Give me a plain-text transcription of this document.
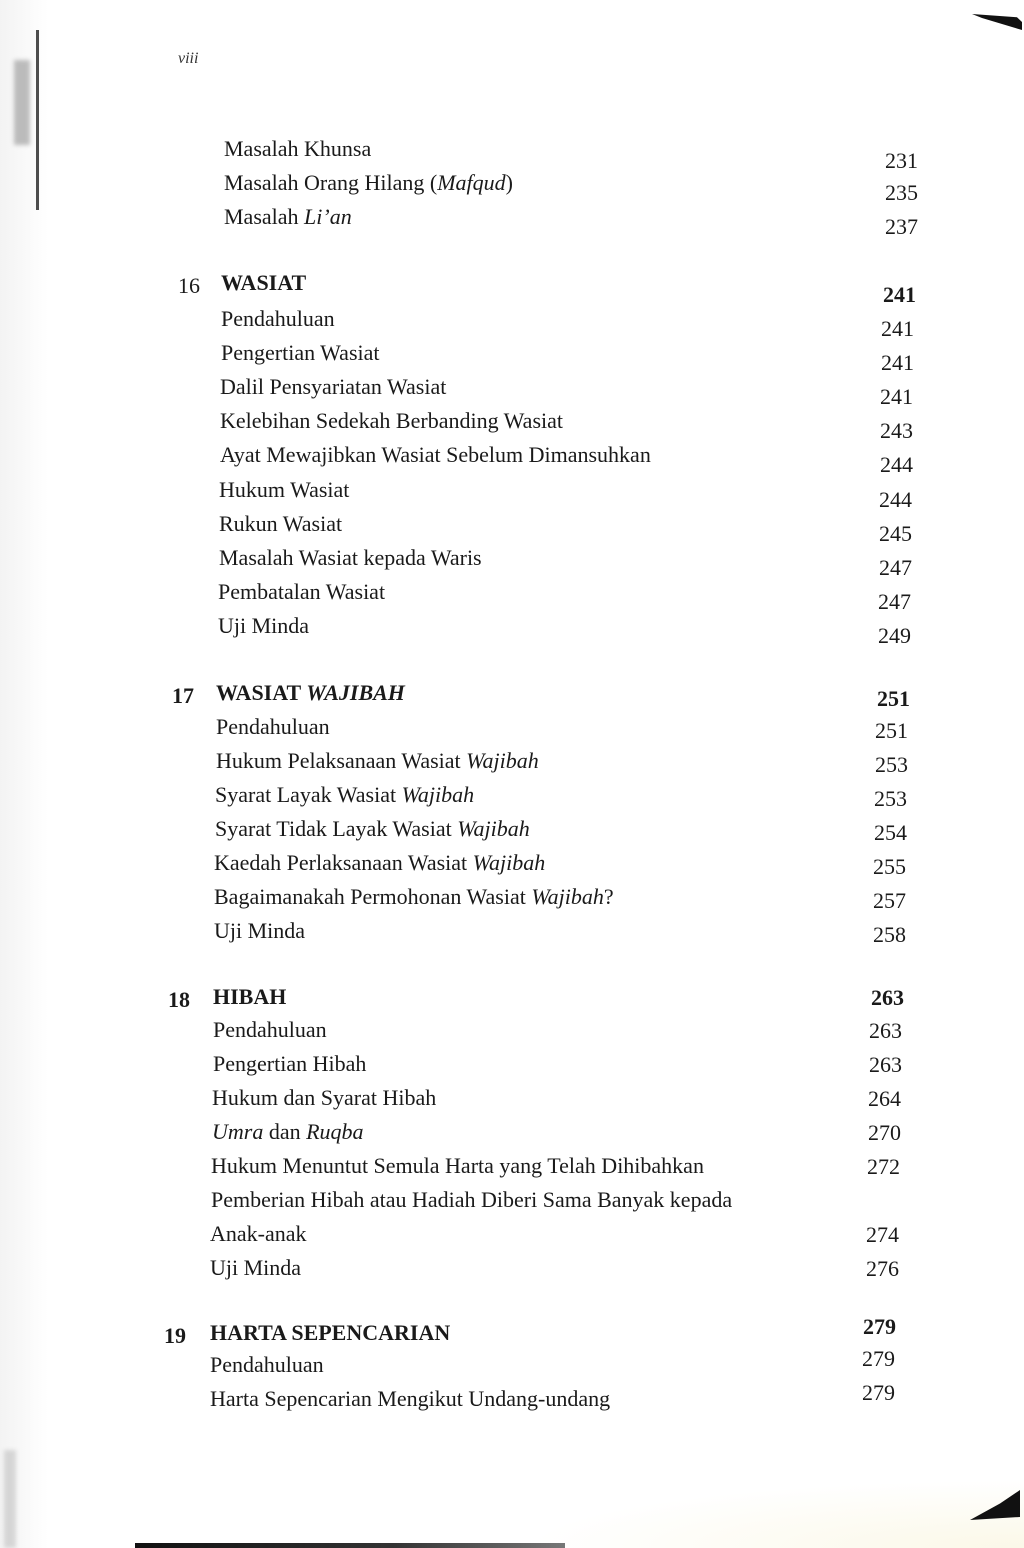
viii
Masalah Khunsa	231
Masalah Orang Hilang (Mafqud)	235
Masalah Li’an	237
16 WASIAT	241
Pendahuluan	241
Pengertian Wasiat	241
Dalil Pensyariatan Wasiat	241
Kelebihan Sedekah Berbanding Wasiat	243
Ayat Mewajibkan Wasiat Sebelum Dimansuhkan	244
Hukum Wasiat	244
Rukun Wasiat	245
Masalah Wasiat kepada Waris	247
Pembatalan Wasiat	247
Uji Minda	249
17 WASIAT WAJIBAH	251
Pendahuluan	251
Hukum Pelaksanaan Wasiat Wajibah	253
Syarat Layak Wasiat Wajibah	253
Syarat Tidak Layak Wasiat Wajibah	254
Kaedah Perlaksanaan Wasiat Wajibah	255
Bagaimanakah Permohonan Wasiat Wajibah?	257
Uji Minda	258
18 HIBAH	263
Pendahuluan	263
Pengertian Hibah	263
Hukum dan Syarat Hibah	264
Umra dan Ruqba	270
Hukum Menuntut Semula Harta yang Telah Dihibahkan	272
Pemberian Hibah atau Hadiah Diberi Sama Banyak kepada
Anak-anak	274
Uji Minda	276
19 HARTA SEPENCARIAN	279
Pendahuluan	279
Harta Sepencarian Mengikut Undang-undang	279
